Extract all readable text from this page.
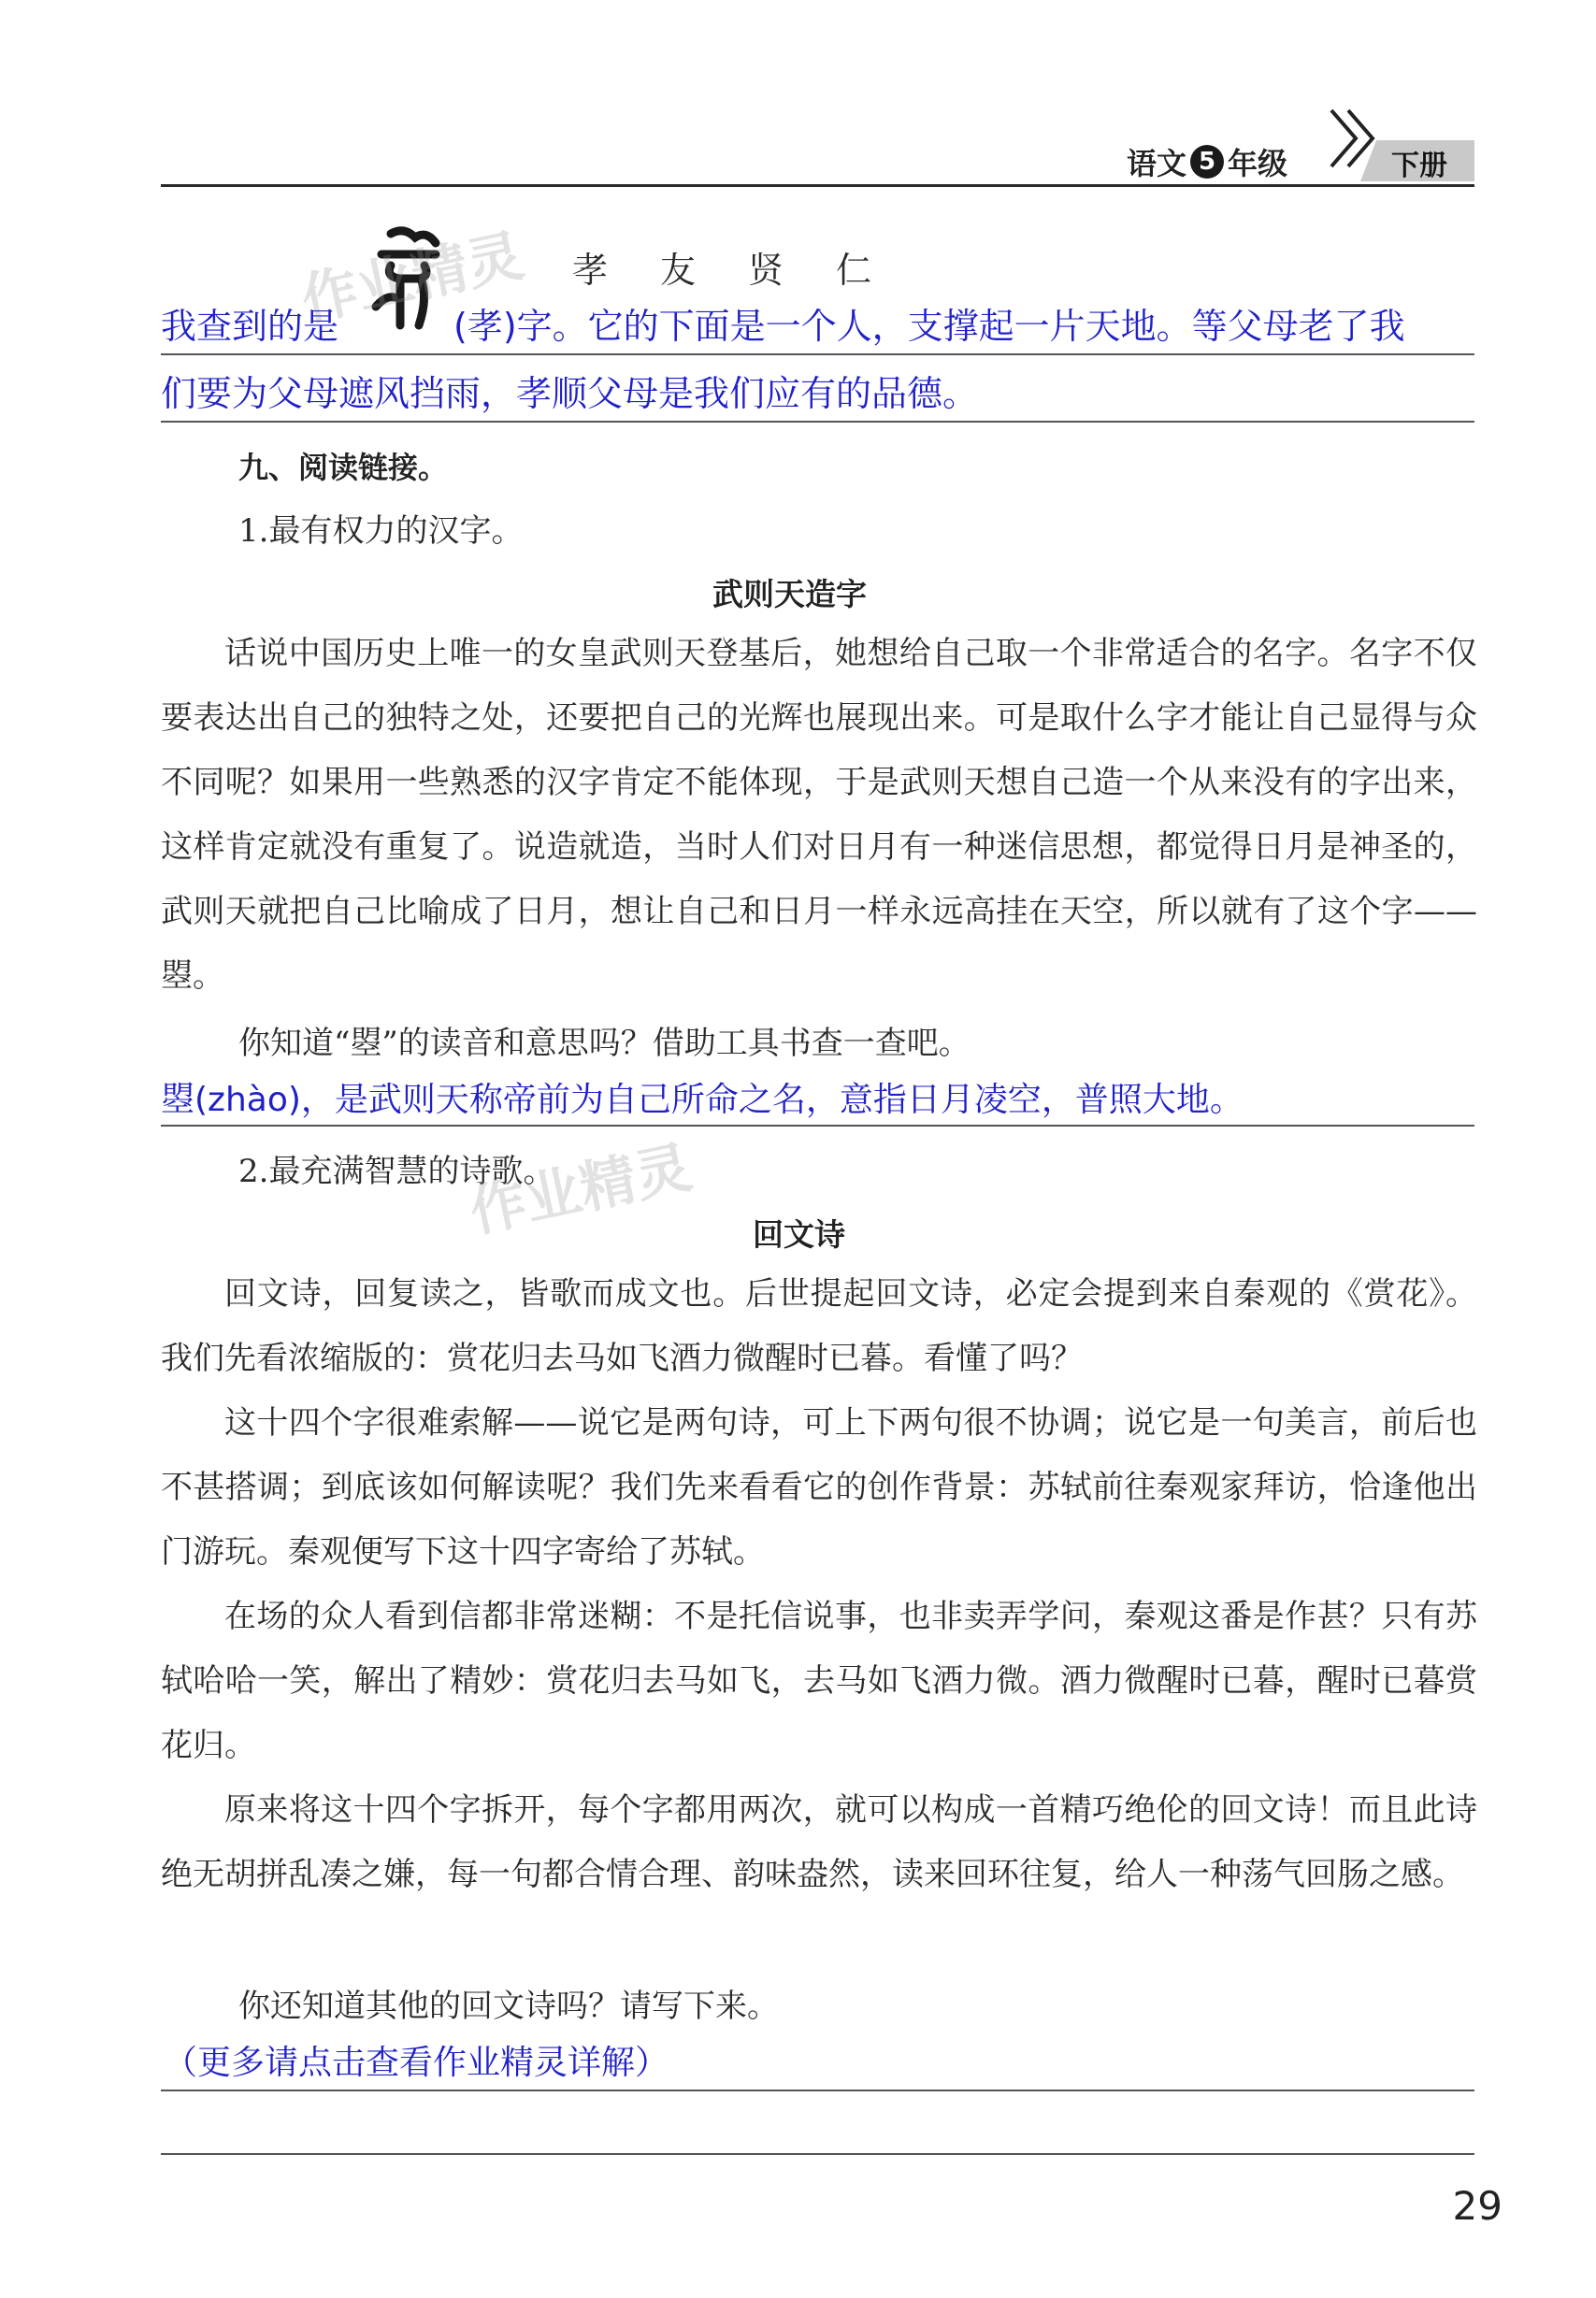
语文 5 年级	下册
孝友贤仁
作业精灵
我查到的是	(孝)字。它的下面是一个人，支撑起一片天地。等父母老了我
们要为父母遮风挡雨，孝顺父母是我们应有的品德。
九、阅读链接。
1.最有权力的汉字。
武则天造字
话说中国历史上唯一的女皇武则天登基后，她想给自己取一个非常适合的名字。名字不仅要表达出自己的独特之处，还要把自己的光辉也展现出来。可是取什么字才能让自己显得与众不同呢？如果用一些熟悉的汉字肯定不能体现，于是武则天想自己造一个从来没有的字出来，这样肯定就没有重复了。说造就造，当时人们对日月有一种迷信思想，都觉得日月是神圣的，武则天就把自己比喻成了日月，想让自己和日月一样永远高挂在天空，所以就有了这个字——曌。
你知道“曌”的读音和意思吗？借助工具书查一查吧。
曌(zhào)，是武则天称帝前为自己所命之名，意指日月凌空，普照大地。
2.最充满智慧的诗歌。
作业精灵 回文诗
回文诗，回复读之，皆歌而成文也。后世提起回文诗，必定会提到来自秦观的《赏花》。我们先看浓缩版的：赏花归去马如飞酒力微醒时已暮。看懂了吗？
这十四个字很难索解——说它是两句诗，可上下两句很不协调；说它是一句美言，前后也不甚搭调；到底该如何解读呢？我们先来看看它的创作背景：苏轼前往秦观家拜访，恰逢他出门游玩。秦观便写下这十四字寄给了苏轼。
在场的众人看到信都非常迷糊：不是托信说事，也非卖弄学问，秦观这番是作甚？只有苏轼哈哈一笑，解出了精妙：赏花归去马如飞，去马如飞酒力微。酒力微醒时已暮，醒时已暮赏花归。
原来将这十四个字拆开，每个字都用两次，就可以构成一首精巧绝伦的回文诗！而且此诗绝无胡拼乱凑之嫌，每一句都合情合理、韵味盎然，读来回环往复，给人一种荡气回肠之感。
你还知道其他的回文诗吗？请写下来。
（更多请点击查看作业精灵详解）
29
